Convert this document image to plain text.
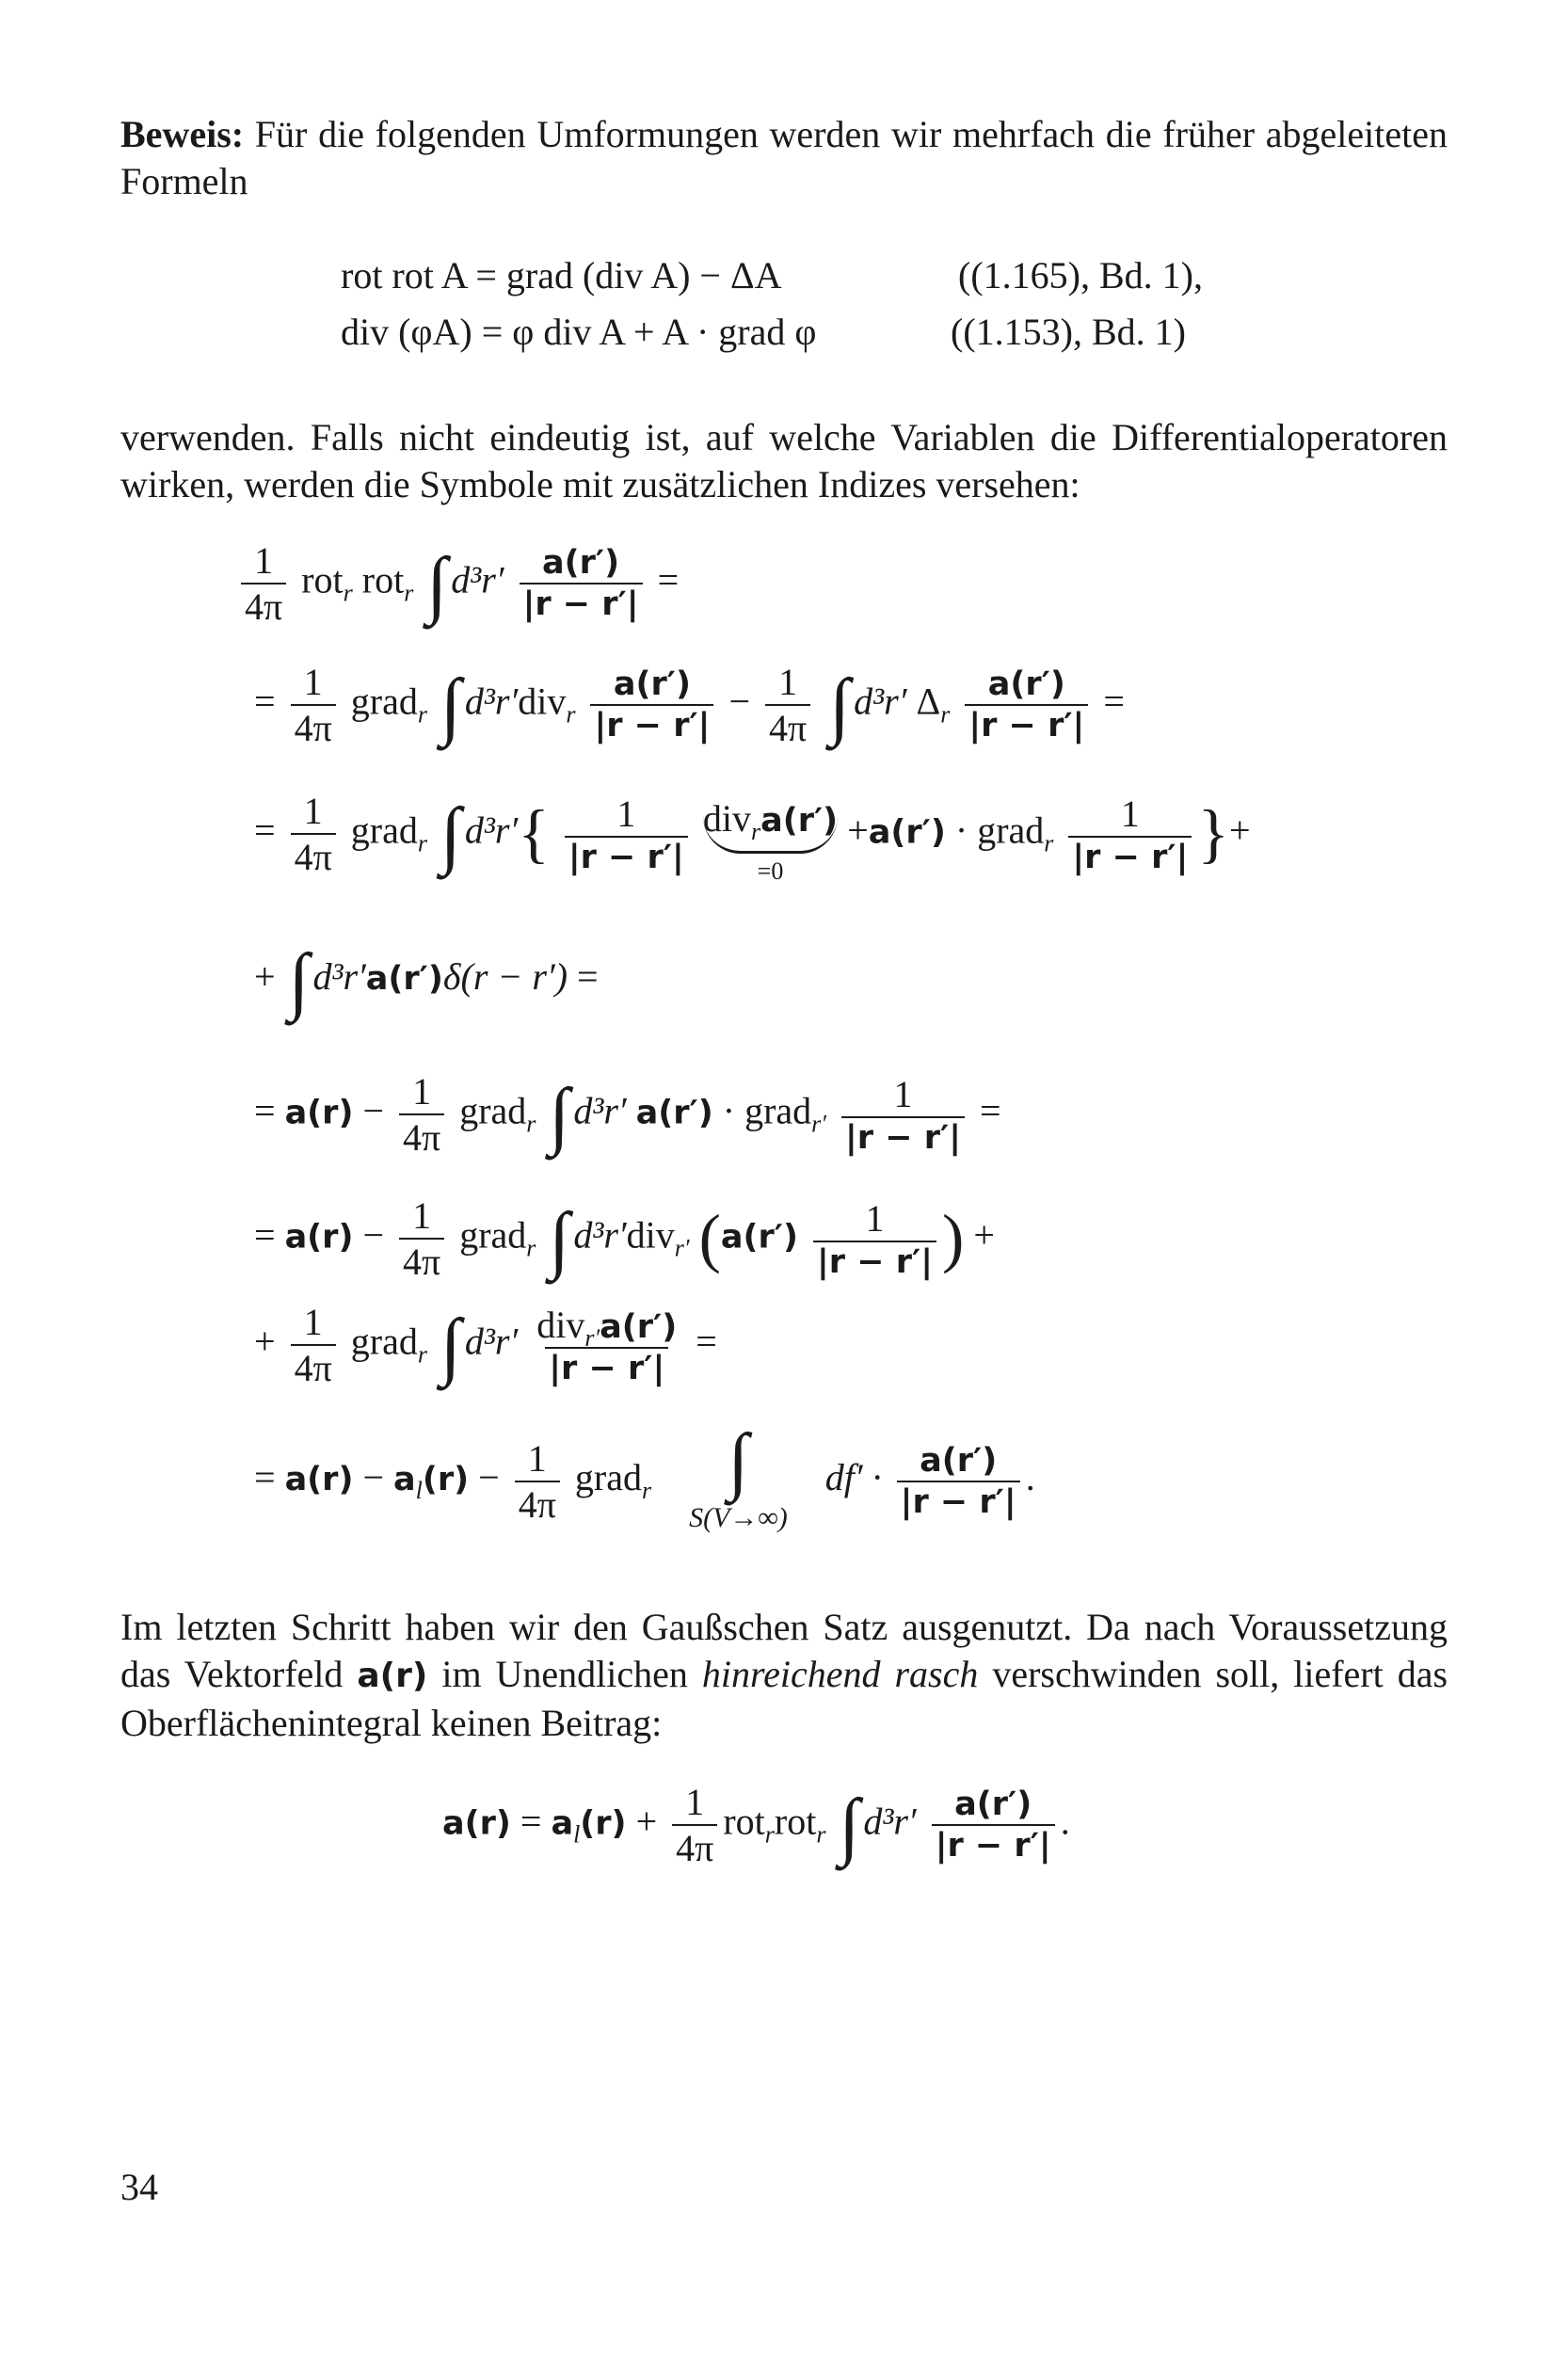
Beweis: Für die folgenden Umformungen werden wir mehrfach die früher abgeleiteten Formeln
rot rot A = grad (div A) − ΔA	((1.165), Bd. 1),
div (φA) = φ div A + A · grad φ	((1.153), Bd. 1)
verwenden. Falls nicht eindeutig ist, auf welche Variablen die Differentialoperatoren wirken, werden die Symbole mit zusätzlichen Indizes versehen:
$\frac{1}{4\pi} rot_r$ rot$_r$ ∫ $d^3r' \frac{a(r')}{|r - r'|}$ =
= $\frac{1}{4\pi}$ grad$_r$ ∫ $d^3r'div_r \frac{a(r')}{|r - r'|} - \frac{1}{4\pi}$ ∫ d³r′ $\Delta_r \frac{a(r')}{|r - r'|}$ =
= $\frac{1}{4\pi}$ grad$_r$ ∫ $d^3r'\{ \frac{1}{|r - r'|}$
div$_r$a(r′)
=0
+a(r′) · grad$_r$ $\frac{1}{|r - r'|}$ }+
+ ∫ d³r′a(r′)δ(r − r′) =
= $a(r) - \frac{1}{4\pi}$ grad$_r$ ∫ d³r′ a(r′) · grad$_{r'}$ $\frac{1}{|r - r'|}$ =
= $a(r) - \frac{1}{4\pi}$ grad$_r$ ∫ d³r′div$_{r'}$ ($a(r') \frac{1}{|r - r'|}$ ) +
+ $\frac{1}{4\pi}$ grad$_r$ ∫ $d^3r' \frac{div_{r'}a(r')}{|r - r'|}$ =
= $a(r) - a_l(r) - \frac{1}{4\pi}$ grad$_r$ ∫
S(V→∞)
$df' \cdot \frac{a(r')}{|r - r'|}$ .
Im letzten Schritt haben wir den Gaußschen Satz ausgenutzt. Da nach Voraussetzung das Vektorfeld a(r) im Unendlichen hinreichend rasch verschwinden soll, liefert das Oberflächenintegral keinen Beitrag:
$a(r) = a_l(r) + \frac{1}{4\pi} rot_rrot_r$ ∫ $d^3r' \frac{a(r')}{|r - r'|}$ .
34
